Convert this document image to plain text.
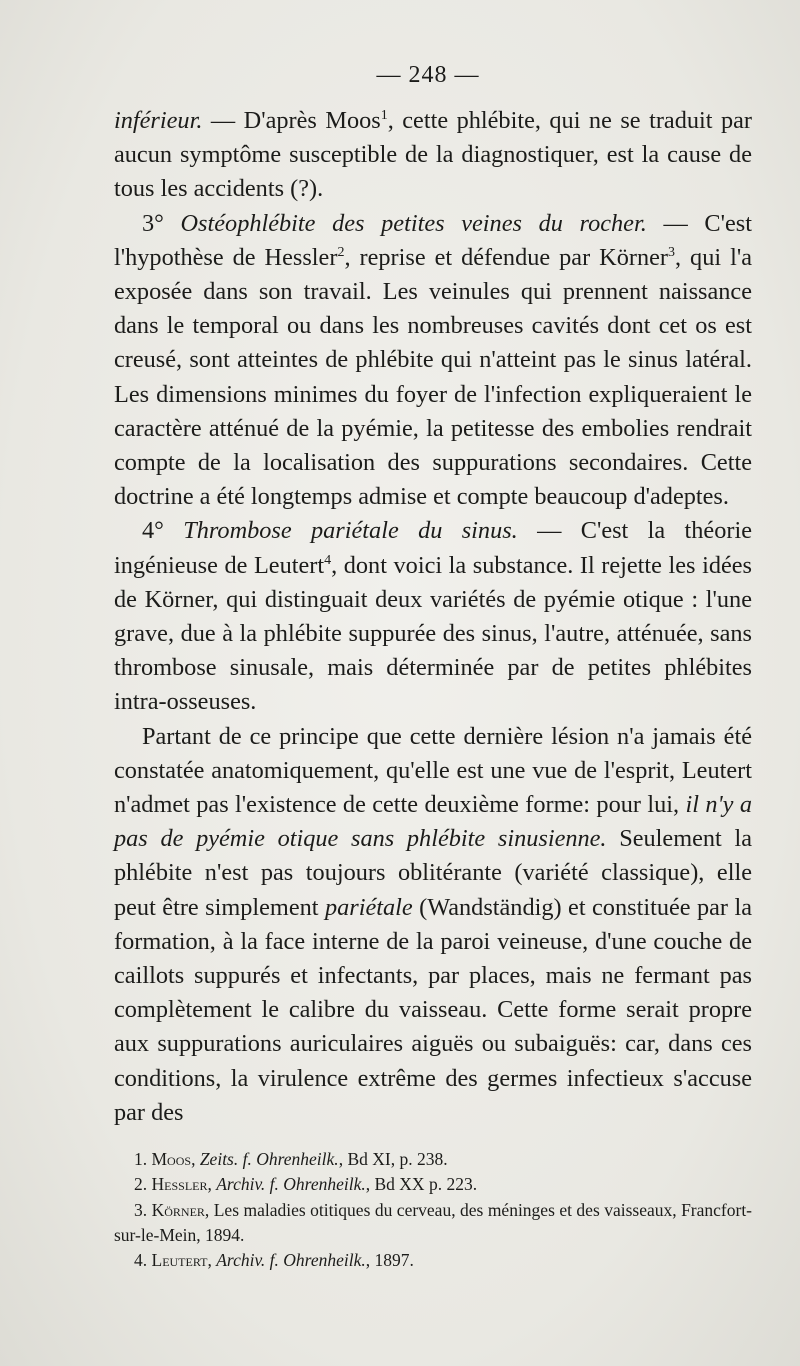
— 248 —

inférieur. — D'après Moos$^1$, cette phlébite, qui ne se traduit par aucun symptôme susceptible de la diagnostiquer, est la cause de tous les accidents (?).

3° Ostéophlébite des petites veines du rocher. — C'est l'hypothèse de Hessler$^2$, reprise et défendue par Körner$^3$, qui l'a exposée dans son travail. Les veinules qui prennent naissance dans le temporal ou dans les nombreuses cavités dont cet os est creusé, sont atteintes de phlébite qui n'atteint pas le sinus latéral. Les dimensions minimes du foyer de l'infection expliqueraient le caractère atténué de la pyémie, la petitesse des embolies rendrait compte de la localisation des suppurations secondaires. Cette doctrine a été longtemps admise et compte beaucoup d'adeptes.

4° Thrombose pariétale du sinus. — C'est la théorie ingénieuse de Leutert$^4$, dont voici la substance. Il rejette les idées de Körner, qui distinguait deux variétés de pyémie otique : l'une grave, due à la phlébite suppurée des sinus, l'autre, atténuée, sans thrombose sinusale, mais déterminée par de petites phlébites intra-osseuses.

Partant de ce principe que cette dernière lésion n'a jamais été constatée anatomiquement, qu'elle est une vue de l'esprit, Leutert n'admet pas l'existence de cette deuxième forme: pour lui, il n'y a pas de pyémie otique sans phlébite sinusienne. Seulement la phlébite n'est pas toujours oblitérante (variété classique), elle peut être simplement pariétale (Wandständig) et constituée par la formation, à la face interne de la paroi veineuse, d'une couche de caillots suppurés et infectants, par places, mais ne fermant pas complètement le calibre du vaisseau. Cette forme serait propre aux suppurations auriculaires aiguës ou subaiguës: car, dans ces conditions, la virulence extrême des germes infectieux s'accuse par des

1. Moos, Zeits. f. Ohrenheilk., Bd XI, p. 238.

2. Hessler, Archiv. f. Ohrenheilk., Bd XX p. 223.

3. Körner, Les maladies otitiques du cerveau, des méninges et des vaisseaux, Francfort-sur-le-Mein, 1894.

4. Leutert, Archiv. f. Ohrenheilk., 1897.
